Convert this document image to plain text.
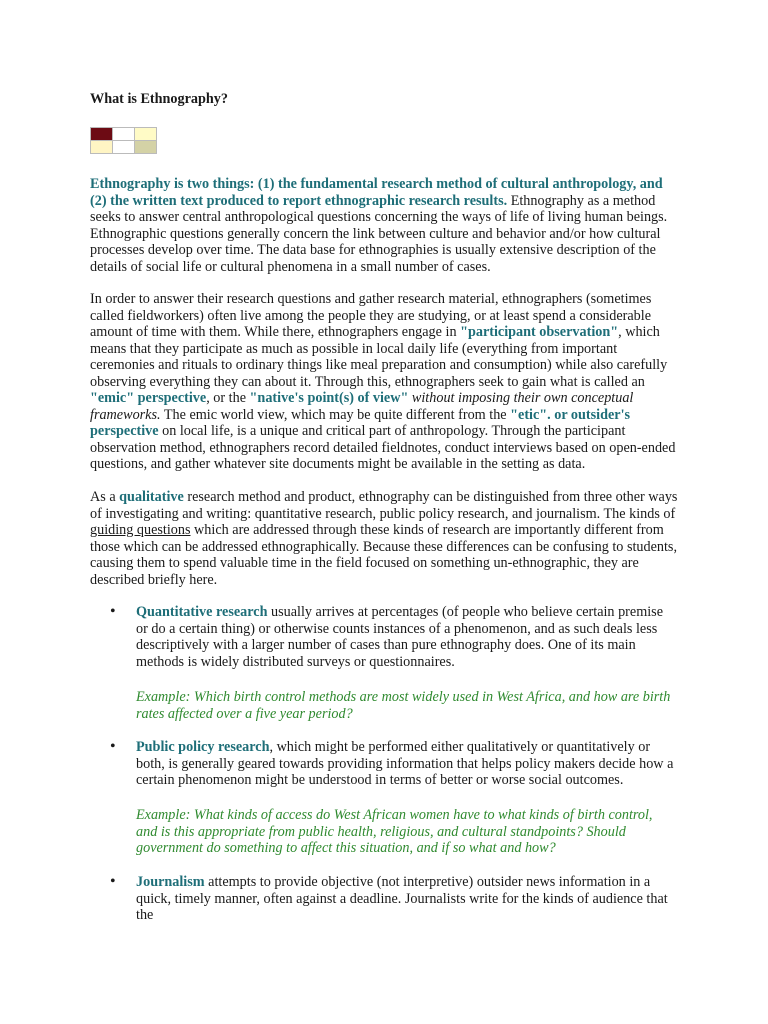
What is Ethnography?

Ethnography is two things: (1) the fundamental research method of cultural anthropology, and (2) the written text produced to report ethnographic research results. Ethnography as a method seeks to answer central anthropological questions concerning the ways of life of living human beings. Ethnographic questions generally concern the link between culture and behavior and/or how cultural processes develop over time. The data base for ethnographies is usually extensive description of the details of social life or cultural phenomena in a small number of cases.

In order to answer their research questions and gather research material, ethnographers (sometimes called fieldworkers) often live among the people they are studying, or at least spend a considerable amount of time with them. While there, ethnographers engage in "participant observation", which means that they participate as much as possible in local daily life (everything from important ceremonies and rituals to ordinary things like meal preparation and consumption) while also carefully observing everything they can about it. Through this, ethnographers seek to gain what is called an "emic" perspective, or the "native's point(s) of view" without imposing their own conceptual frameworks. The emic world view, which may be quite different from the "etic". or outsider's perspective on local life, is a unique and critical part of anthropology. Through the participant observation method, ethnographers record detailed fieldnotes, conduct interviews based on open-ended questions, and gather whatever site documents might be available in the setting as data.

As a qualitative research method and product, ethnography can be distinguished from three other ways of investigating and writing: quantitative research, public policy research, and journalism. The kinds of guiding questions which are addressed through these kinds of research are importantly different from those which can be addressed ethnographically. Because these differences can be confusing to students, causing them to spend valuable time in the field focused on something un-ethnographic, they are described briefly here.

• Quantitative research usually arrives at percentages (of people who believe certain premise or do a certain thing) or otherwise counts instances of a phenomenon, and as such deals less descriptively with a larger number of cases than pure ethnography does. One of its main methods is widely distributed surveys or questionnaires.

Example: Which birth control methods are most widely used in West Africa, and how are birth rates affected over a five year period?

• Public policy research, which might be performed either qualitatively or quantitatively or both, is generally geared towards providing information that helps policy makers decide how a certain phenomenon might be understood in terms of better or worse social outcomes.

Example: What kinds of access do West African women have to what kinds of birth control, and is this appropriate from public health, religious, and cultural standpoints? Should government do something to affect this situation, and if so what and how?

• Journalism attempts to provide objective (not interpretive) outsider news information in a quick, timely manner, often against a deadline. Journalists write for the kinds of audience that the
